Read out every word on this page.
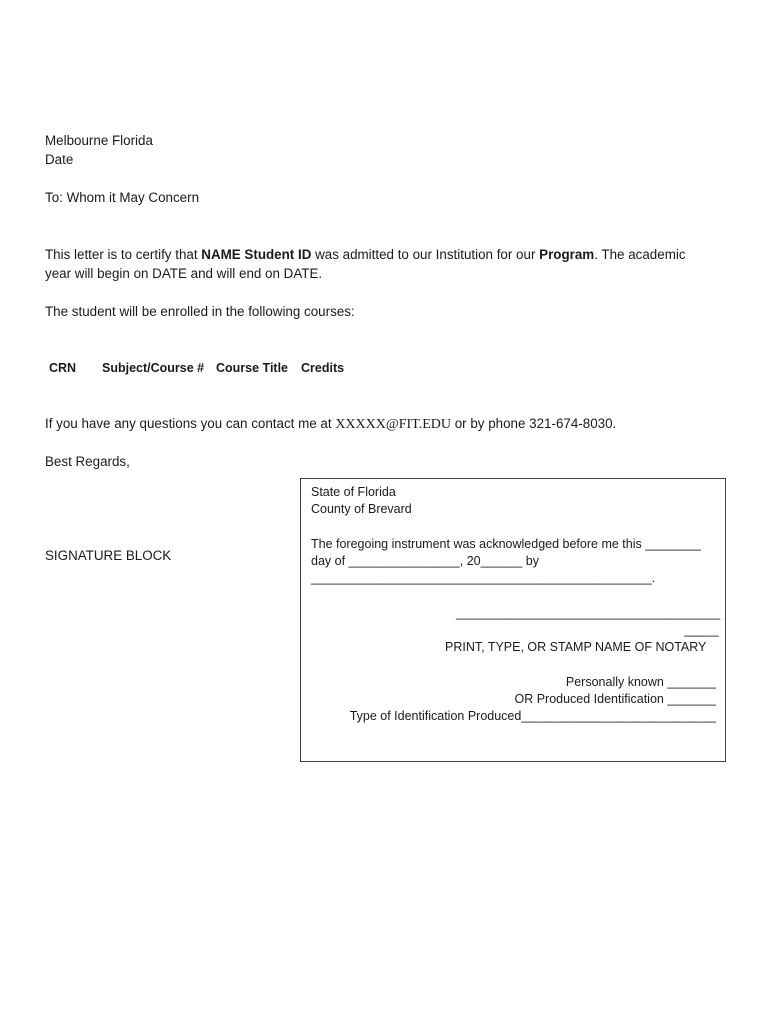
Melbourne Florida
Date
To: Whom it May Concern
This letter is to certify that NAME Student ID was admitted to our Institution for our Program. The academic
year will begin on DATE and will end on DATE.
The student will be enrolled in the following courses:
CRN Subject/Course # Course Title Credits
If you have any questions you can contact me at XXXXX@FIT.EDU or by phone 321-674-8030.
Best Regards,
SIGNATURE BLOCK
State of Florida
County of Brevard
The foregoing instrument was acknowledged before me this ________
day of ________________, 20______ by
_________________________________________________.
______________________________________
_____
PRINT, TYPE, OR STAMP NAME OF NOTARY
Personally known _______
OR Produced Identification _______
Type of Identification Produced____________________________
